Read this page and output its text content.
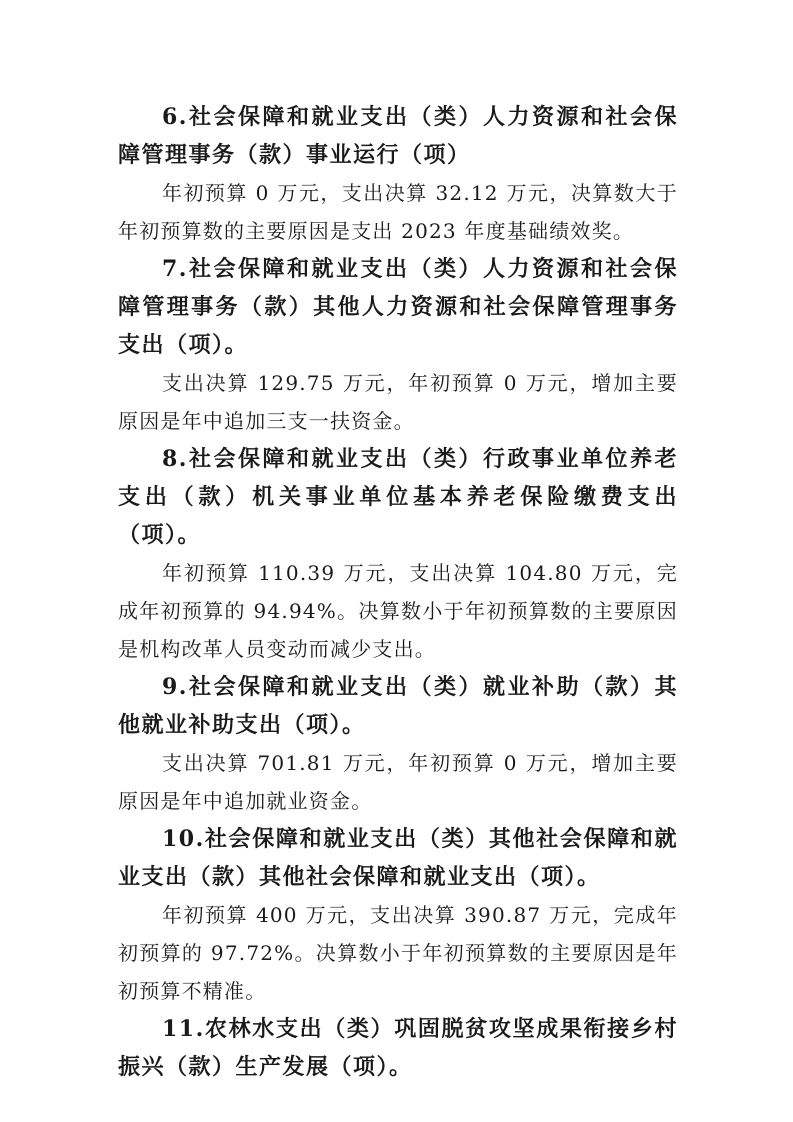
6.社会保障和就业支出（类）人力资源和社会保障管理事务（款）事业运行（项）

年初预算 0 万元，支出决算 32.12 万元，决算数大于年初预算数的主要原因是支出 2023 年度基础绩效奖。

7.社会保障和就业支出（类）人力资源和社会保障管理事务（款）其他人力资源和社会保障管理事务支出（项）。

支出决算 129.75 万元，年初预算 0 万元，增加主要原因是年中追加三支一扶资金。

8.社会保障和就业支出（类）行政事业单位养老支出（款）机关事业单位基本养老保险缴费支出（项）。

年初预算 110.39 万元，支出决算 104.80 万元，完成年初预算的 94.94%。决算数小于年初预算数的主要原因是机构改革人员变动而减少支出。

9.社会保障和就业支出（类）就业补助（款）其他就业补助支出（项）。

支出决算 701.81 万元，年初预算 0 万元，增加主要原因是年中追加就业资金。

10.社会保障和就业支出（类）其他社会保障和就业支出（款）其他社会保障和就业支出（项）。

年初预算 400 万元，支出决算 390.87 万元，完成年初预算的 97.72%。决算数小于年初预算数的主要原因是年初预算不精准。

11.农林水支出（类）巩固脱贫攻坚成果衔接乡村振兴（款）生产发展（项）。
